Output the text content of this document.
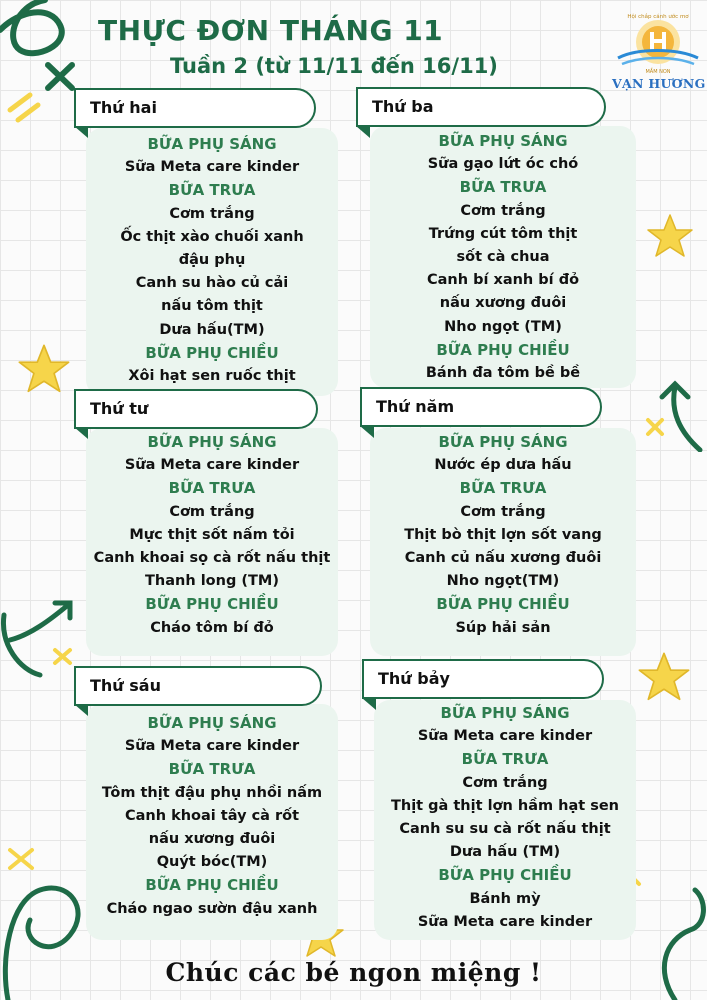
THỰC ĐƠN THÁNG 11
Tuần 2 (từ 11/11 đến 16/11)
Hội chắp cánh ước mơ
MẦM NON
VẠN HƯƠNG
Thứ hai
BỮA PHỤ SÁNG
Sữa Meta care kinder
BỮA TRƯA
Cơm trắng
Ốc thịt xào chuối xanh
đậu phụ
Canh su hào củ cải
nấu tôm thịt
Dưa hấu(TM)
BỮA PHỤ CHIỀU
Xôi hạt sen ruốc thịt
Thứ ba
BỮA PHỤ SÁNG
Sữa gạo lứt óc chó
BỮA TRƯA
Cơm trắng
Trứng cút tôm thịt
sốt cà chua
Canh bí xanh bí đỏ
nấu xương đuôi
Nho ngọt (TM)
BỮA PHỤ CHIỀU
Bánh đa tôm bề bề
Thứ tư
BỮA PHỤ SÁNG
Sữa Meta care kinder
BỮA TRƯA
Cơm trắng
Mực thịt sốt nấm tỏi
Canh khoai sọ cà rốt nấu thịt
Thanh long (TM)
BỮA PHỤ CHIỀU
Cháo tôm bí đỏ
Thứ năm
BỮA PHỤ SÁNG
Nước ép dưa hấu
BỮA TRƯA
Cơm trắng
Thịt bò thịt lợn sốt vang
Canh củ nấu xương đuôi
Nho ngọt(TM)
BỮA PHỤ CHIỀU
Súp hải sản
Thứ sáu
BỮA PHỤ SÁNG
Sữa Meta care kinder
BỮA TRƯA
Tôm thịt đậu phụ nhồi nấm
Canh khoai tây cà rốt
nấu xương đuôi
Quýt bóc(TM)
BỮA PHỤ CHIỀU
Cháo ngao sườn đậu xanh
Thứ bảy
BỮA PHỤ SÁNG
Sữa Meta care kinder
BỮA TRƯA
Cơm trắng
Thịt gà thịt lợn hầm hạt sen
Canh su su cà rốt nấu thịt
Dưa hấu (TM)
BỮA PHỤ CHIỀU
Bánh mỳ
Sữa Meta care kinder
Chúc các bé ngon miệng !
